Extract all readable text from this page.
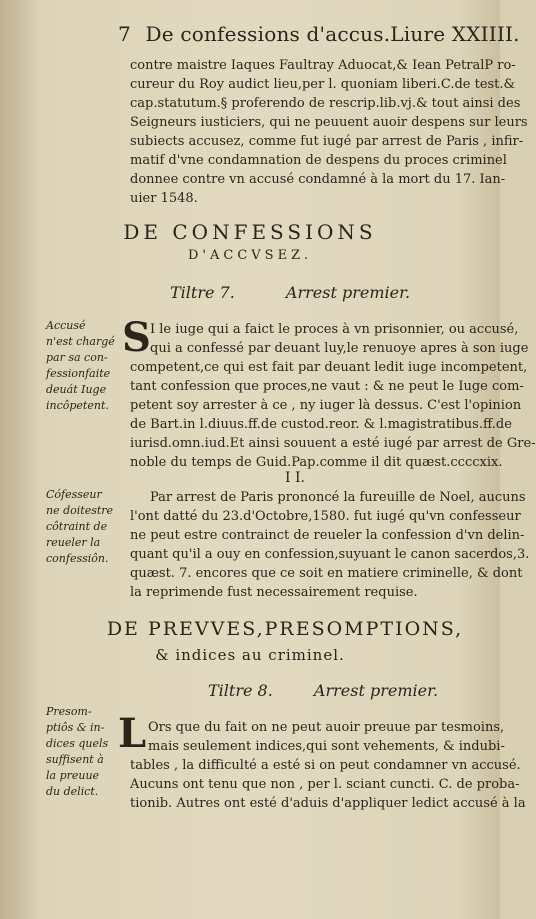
7 De confessions d'accus.Liure XXIIII.
contre maistre Iaques Faultray Aduocat,& Iean PetralP ro-
cureur du Roy audict lieu,per l. quoniam liberi.C.de test.&
cap.statutum.§ proferendo de rescrip.lib.vj.& tout ainsi des
Seigneurs iusticiers, qui ne peuuent auoir despens sur leurs
subiects accusez, comme fut iugé par arrest de Paris , infir-
matif d'vne condamnation de despens du proces criminel
donnee contre vn accusé condamné à la mort du 17. Ian-
uier 1548.
DE CONFESSIONS
D'ACCVSEZ.
Tiltre 7.	Arrest premier.
Accusé
n'est chargé
par sa con-
fessionfaite
deuát Iuge
incôpetent.
S I le iuge qui a faict le proces à vn prisonnier, ou accusé,
qui a confessé par deuant luy,le renuoye apres à son iuge
competent,ce qui est fait par deuant ledit iuge incompetent,
tant confession que proces,ne vaut : & ne peut le Iuge com-
petent soy arrester à ce , ny iuger là dessus. C'est l'opinion
de Bart.in l.diuus.ff.de custod.reor. & l.magistratibus.ff.de
iurisd.omn.iud.Et ainsi souuent a esté iugé par arrest de Gre-
noble du temps de Guid.Pap.comme il dit quæst.ccccxix.
I I.
Cófesseur
ne doitestre
côtraint de
reueler la
confessiôn.
Par arrest de Paris prononcé la fureuille de Noel, aucuns
l'ont datté du 23.d'Octobre,1580. fut iugé qu'vn confesseur
ne peut estre contrainct de reueler la confession d'vn delin-
quant qu'il a ouy en confession,suyuant le canon sacerdos,3.
quæst. 7. encores que ce soit en matiere criminelle, & dont
la reprimende fust necessairement requise.
DE PREVVES,PRESOMPTIONS,
& indices au criminel.
Tiltre 8.	Arrest premier.
Presom-
ptiôs & in-
dices quels
suffisent à
la preuue
du delict.
L Ors que du fait on ne peut auoir preuue par tesmoins,
mais seulement indices,qui sont vehements, & indubi-
tables , la difficulté a esté si on peut condamner vn accusé.
Aucuns ont tenu que non , per l. sciant cuncti. C. de proba-
tionib. Autres ont esté d'aduis d'appliquer ledict accusé à la
